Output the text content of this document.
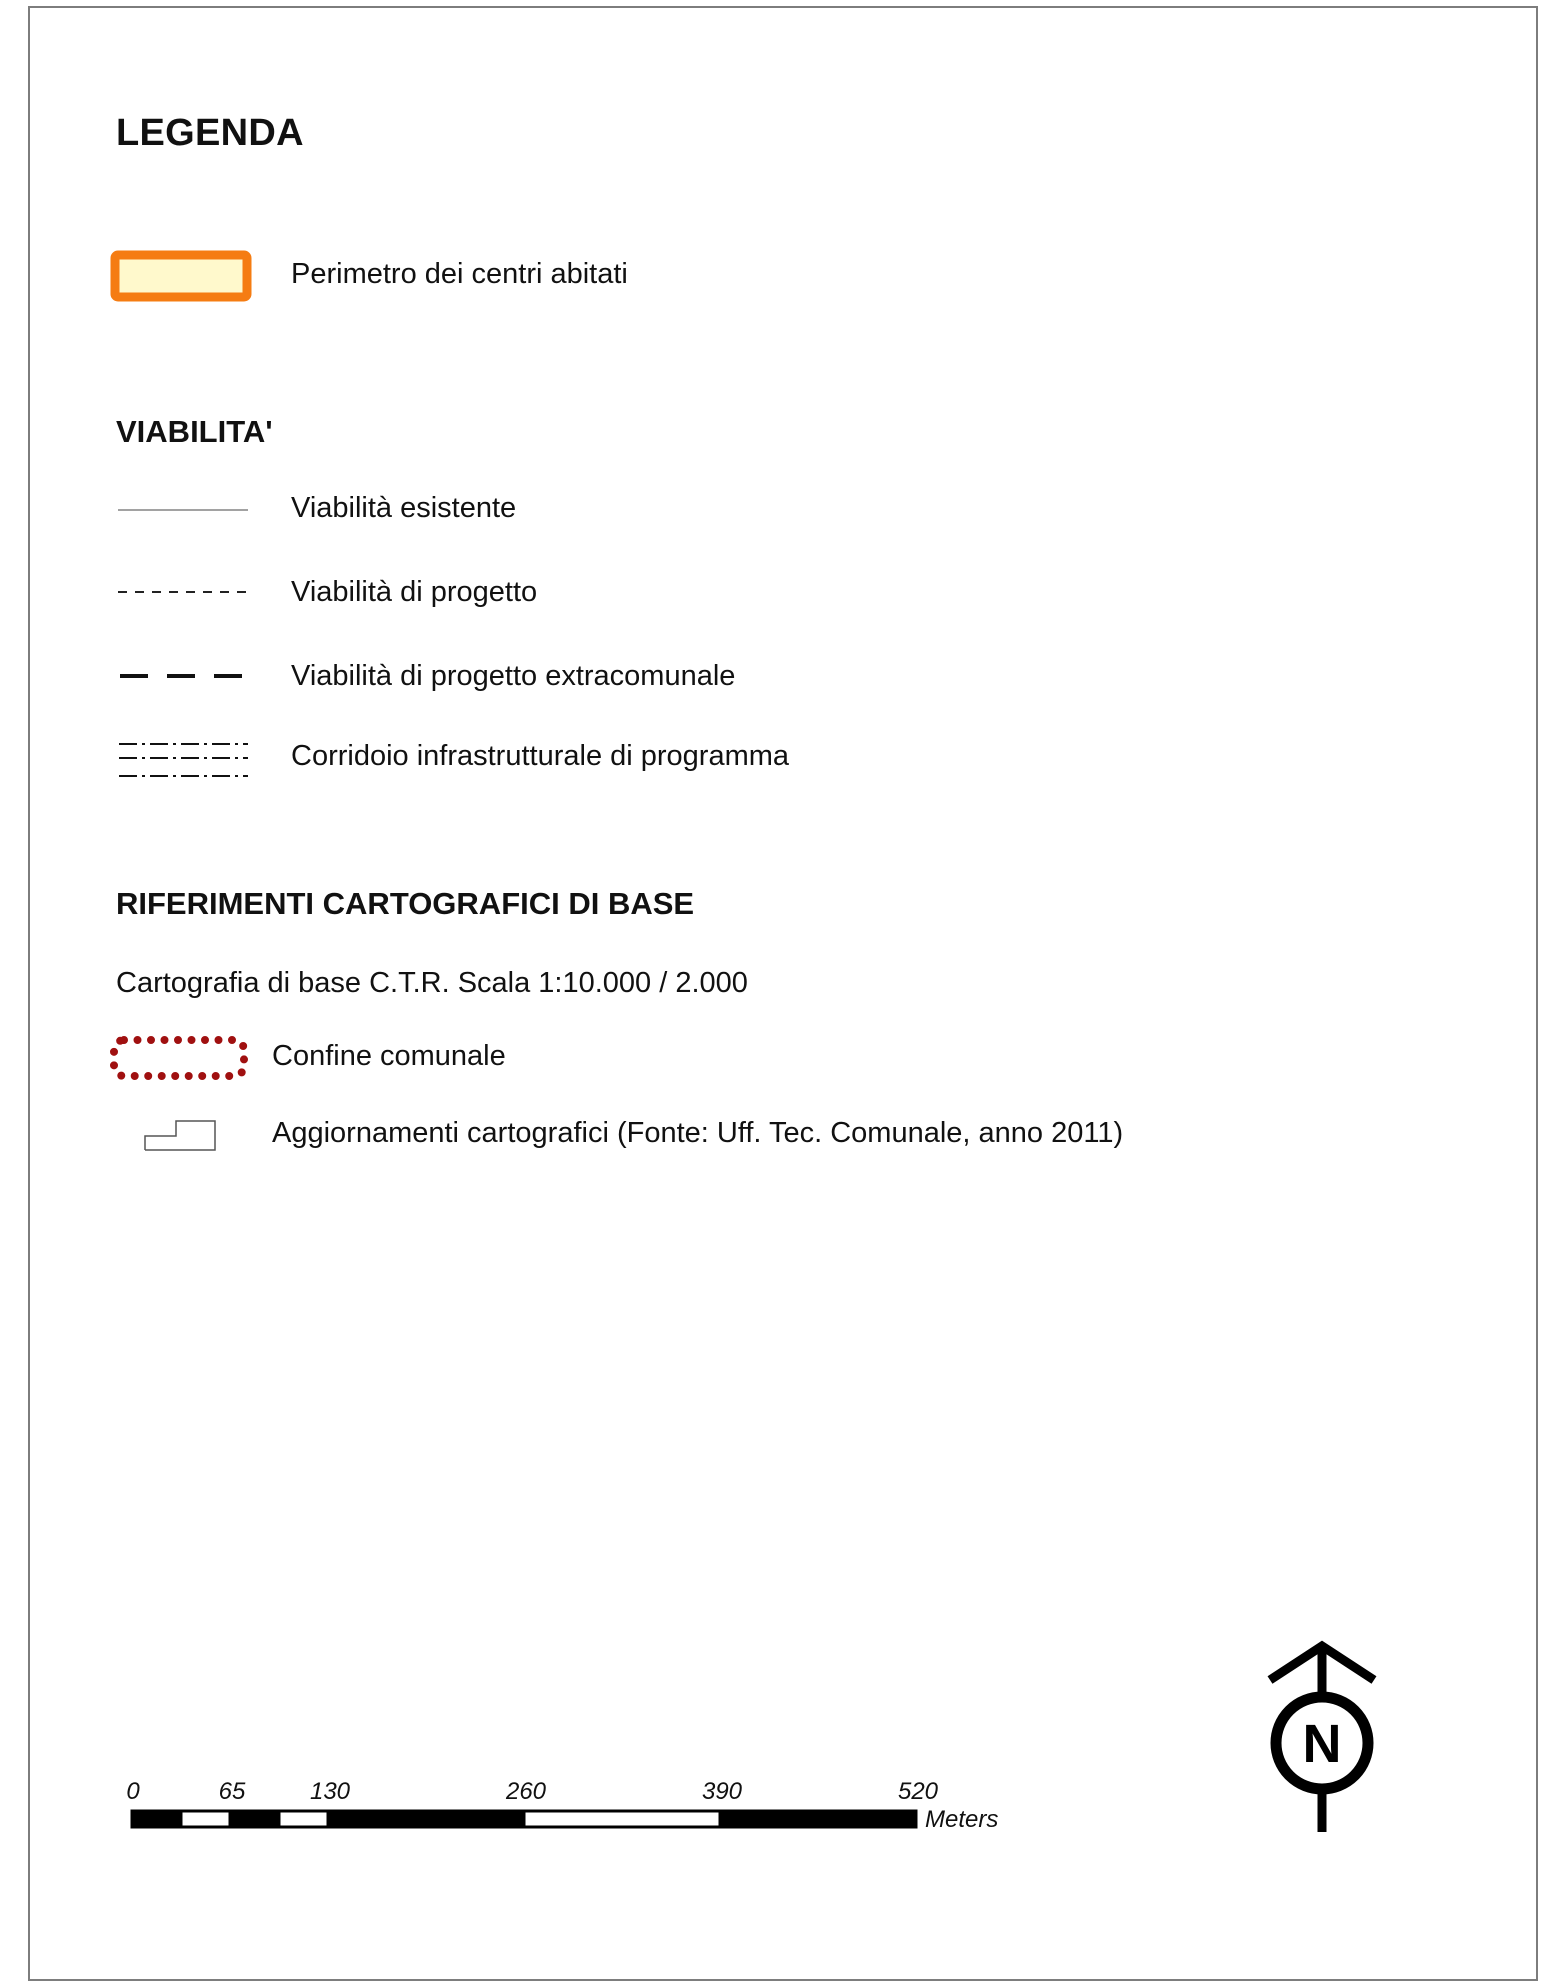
LEGENDA
Perimetro dei centri abitati
VIABILITA'
Viabilità esistente
Viabilità di progetto
Viabilità di progetto extracomunale
Corridoio infrastrutturale di programma
RIFERIMENTI CARTOGRAFICI DI BASE
Cartografia di base C.T.R. Scala 1:10.000 / 2.000
Confine comunale
Aggiornamenti cartografici (Fonte: Uff. Tec. Comunale, anno 2011)
0	65	130	260	390	520
Meters
N
